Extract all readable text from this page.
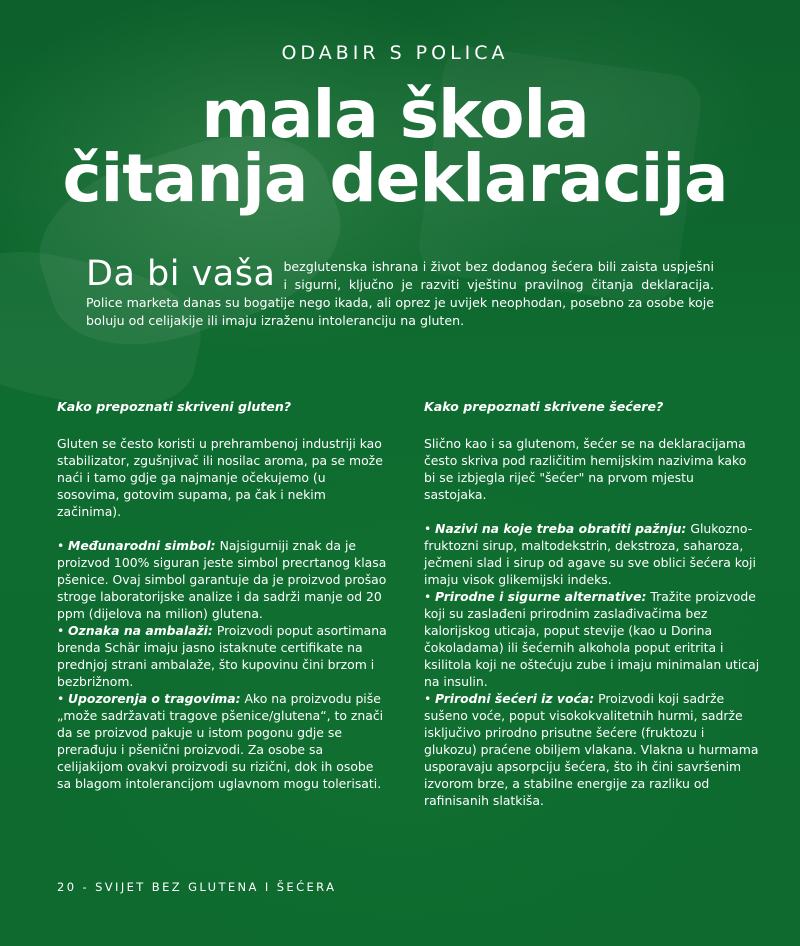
ODABIR S POLICA
mala škola
čitanja deklaracija
Da bi vaša bezglutenska ishrana i život bez dodanog šećera bili zaista uspješni i sigurni, ključno je razviti vještinu pravilnog čitanja deklaracija. Police marketa danas su bogatije nego ikada, ali oprez je uvijek neophodan, posebno za osobe koje boluju od celijakije ili imaju izraženu intoleranciju na gluten.
Kako prepoznati skriveni gluten?

Gluten se često koristi u prehrambenoj industriji kao stabilizator, zgušnjivač ili nosilac aroma, pa se može naći i tamo gdje ga najmanje očekujemo (u sosovima, gotovim supama, pa čak i nekim začinima).

• Međunarodni simbol: Najsigurniji znak da je proizvod 100% siguran jeste simbol precrtanog klasa pšenice. Ovaj simbol garantuje da je proizvod prošao stroge laboratorijske analize i da sadrži manje od 20 ppm (dijelova na milion) glutena.
• Oznaka na ambalaži: Proizvodi poput asortimana brenda Schär imaju jasno istaknute certifikate na prednjoj strani ambalaže, što kupovinu čini brzom i bezbrižnom.
• Upozorenja o tragovima: Ako na proizvodu piše „može sadržavati tragove pšenice/glutena“, to znači da se proizvod pakuje u istom pogonu gdje se prerađuju i pšenični proizvodi. Za osobe sa celijakijom ovakvi proizvodi su rizični, dok ih osobe sa blagom intolerancijom uglavnom mogu tolerisati.
Kako prepoznati skrivene šećere?

Slično kao i sa glutenom, šećer se na deklaracijama često skriva pod različitim hemijskim nazivima kako bi se izbjegla riječ "šećer" na prvom mjestu sastojaka.

• Nazivi na koje treba obratiti pažnju: Glukozno-fruktozni sirup, maltodekstrin, dekstroza, saharoza, ječmeni slad i sirup od agave su sve oblici šećera koji imaju visok glikemijski indeks.
• Prirodne i sigurne alternative: Tražite proizvode koji su zaslađeni prirodnim zaslađivačima bez kalorijskog uticaja, poput stevije (kao u Dorina čokoladama) ili šećernih alkohola poput eritrita i ksilitola koji ne oštećuju zube i imaju minimalan uticaj na insulin.
• Prirodni šećeri iz voća: Proizvodi koji sadrže sušeno voće, poput visokokvalitetnih hurmi, sadrže isključivo prirodno prisutne šećere (fruktozu i glukozu) praćene obiljem vlakana. Vlakna u hurmama usporavaju apsorpciju šećera, što ih čini savršenim izvorom brze, a stabilne energije za razliku od rafinisanih slatkiša.
20 - SVIJET BEZ GLUTENA I ŠEĆERA
